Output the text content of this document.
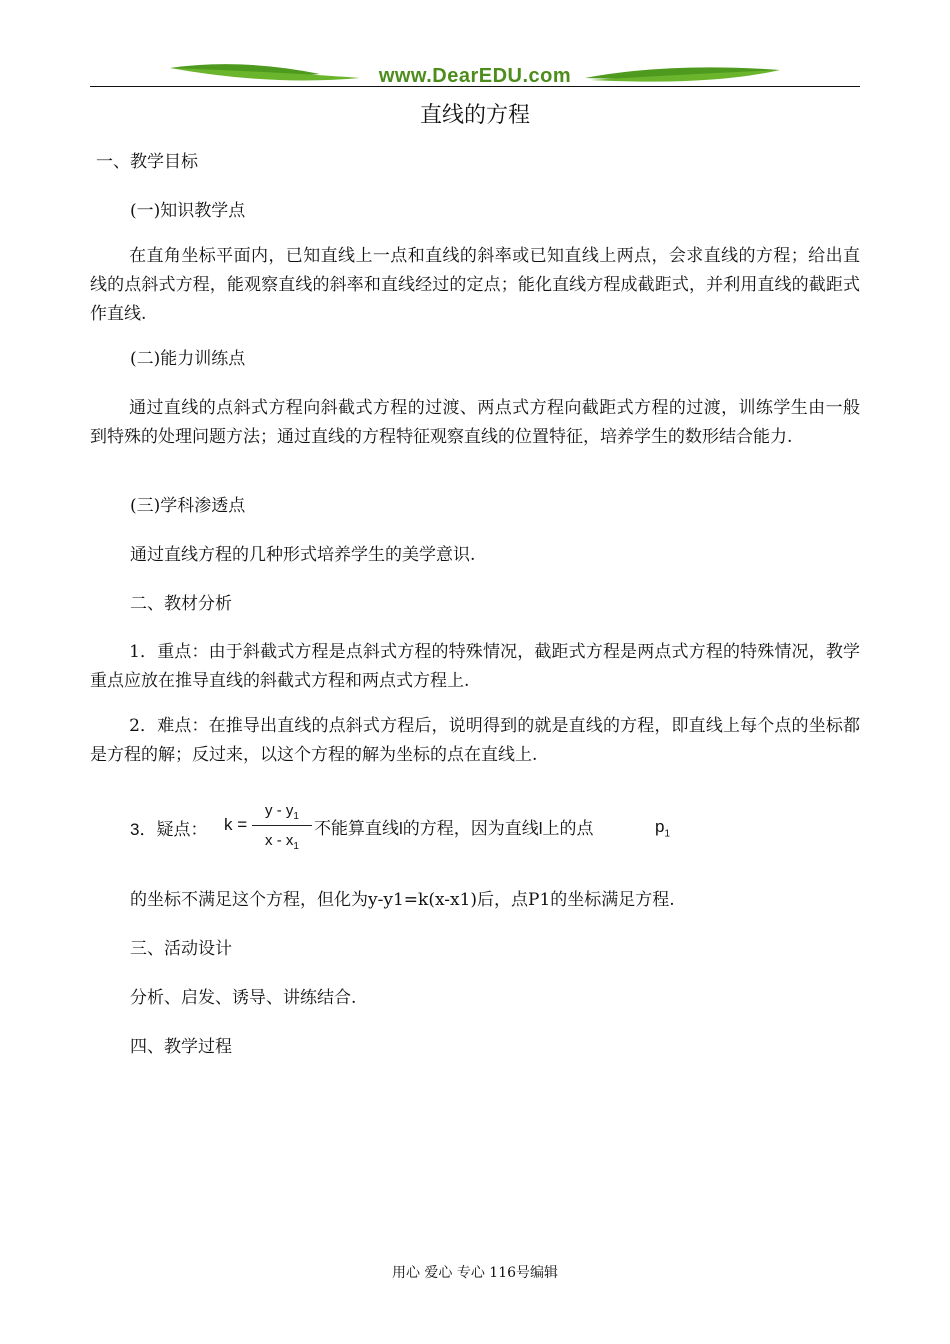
www.DearEDU.com
直线的方程

一、教学目标

(一)知识教学点

在直角坐标平面内，已知直线上一点和直线的斜率或已知直线上两点，会求直线的方程；给出直线的点斜式方程，能观察直线的斜率和直线经过的定点；能化直线方程成截距式，并利用直线的截距式作直线.

(二)能力训练点

通过直线的点斜式方程向斜截式方程的过渡、两点式方程向截距式方程的过渡，训练学生由一般到特殊的处理问题方法；通过直线的方程特征观察直线的位置特征，培养学生的数形结合能力.

(三)学科渗透点

通过直线方程的几种形式培养学生的美学意识.

二、教材分析

1．重点：由于斜截式方程是点斜式方程的特殊情况，截距式方程是两点式方程的特殊情况，教学重点应放在推导直线的斜截式方程和两点式方程上.

2．难点：在推导出直线的点斜式方程后，说明得到的就是直线的方程，即直线上每个点的坐标都是方程的解；反过来，以这个方程的解为坐标的点在直线上.

3．疑点： k =
y - $y_1$
x - $x_1$
不能算直线l的方程，因为直线l上的点	$p_1$

的坐标不满足这个方程，但化为y-y1=k(x-x1)后，点P1的坐标满足方程.

三、活动设计

分析、启发、诱导、讲练结合.

四、教学过程

用心 爱心 专心 116号编辑
